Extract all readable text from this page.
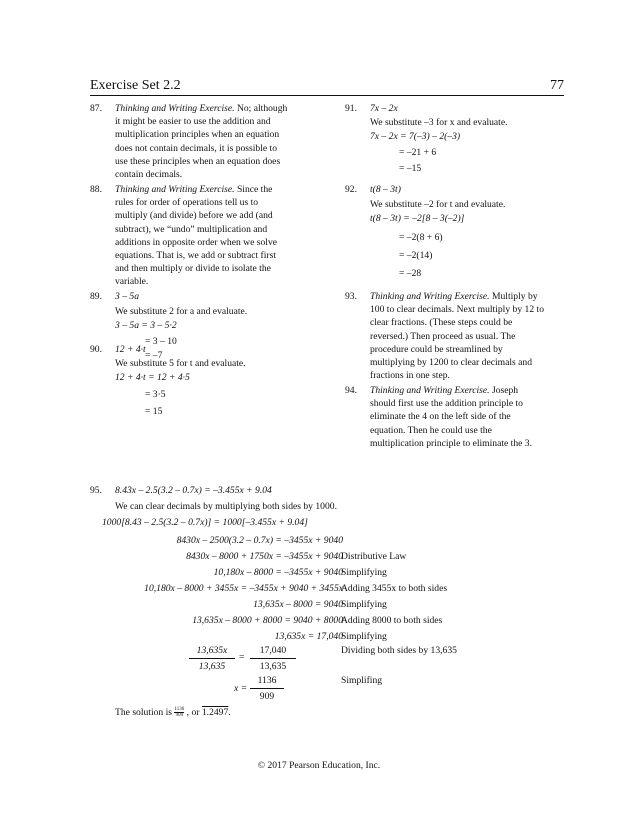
Exercise Set 2.2	77
87. Thinking and Writing Exercise. No; although
it might be easier to use the addition and
multiplication principles when an equation
does not contain decimals, it is possible to
use these principles when an equation does
contain decimals.
88. Thinking and Writing Exercise. Since the
rules for order of operations tell us to
multiply (and divide) before we add (and
subtract), we “undo” multiplication and
additions in opposite order when we solve
equations. That is, we add or subtract first
and then multiply or divide to isolate the
variable.
89. 3 – 5a
We substitute 2 for a and evaluate.
3 – 5a = 3 – 5·2
= 3 – 10
= –7
90. 12 + 4·t
We substitute 5 for t and evaluate.
12 + 4·t = 12 + 4·5
= 3·5
= 15
91. 7x – 2x
We substitute –3 for x and evaluate.
7x – 2x = 7(–3) – 2(–3)
= –21 + 6
= –15
92. t(8 – 3t)
We substitute –2 for t and evaluate.
t(8 – 3t) = –2[8 – 3(–2)]
= –2(8 + 6)
= –2(14)
= –28
93. Thinking and Writing Exercise. Multiply by
100 to clear decimals. Next multiply by 12 to
clear fractions. (These steps could be
reversed.) Then proceed as usual. The
procedure could be streamlined by
multiplying by 1200 to clear decimals and
fractions in one step.
94. Thinking and Writing Exercise. Joseph
should first use the addition principle to
eliminate the 4 on the left side of the
equation. Then he could use the
multiplication principle to eliminate the 3.
95. 8.43x – 2.5(3.2 – 0.7x) = –3.455x + 9.04
We can clear decimals by multiplying both sides by 1000.
1000[8.43 – 2.5(3.2 – 0.7x)] = 1000[–3.455x + 9.04]
8430x – 2500(3.2 – 0.7x) = –3455x + 9040
8430x – 8000 + 1750x = –3455x + 9040
Distributive Law
10,180x – 8000 = –3455x + 9040
Simplifying
10,180x – 8000 + 3455x = –3455x + 9040 + 3455x
Adding 3455x to both sides
13,635x – 8000 = 9040
Simplifying
13,635x – 8000 + 8000 = 9040 + 8000
Adding 8000 to both sides
13,635x = 17,040
Simplifying
13,635x
13,635
=
17,040
13,635
Dividing both sides by 13,635
x =
1136
909
Simplifing
The solution is $\frac{1136}{909}$ , or 1.2497.
© 2017 Pearson Education, Inc.
